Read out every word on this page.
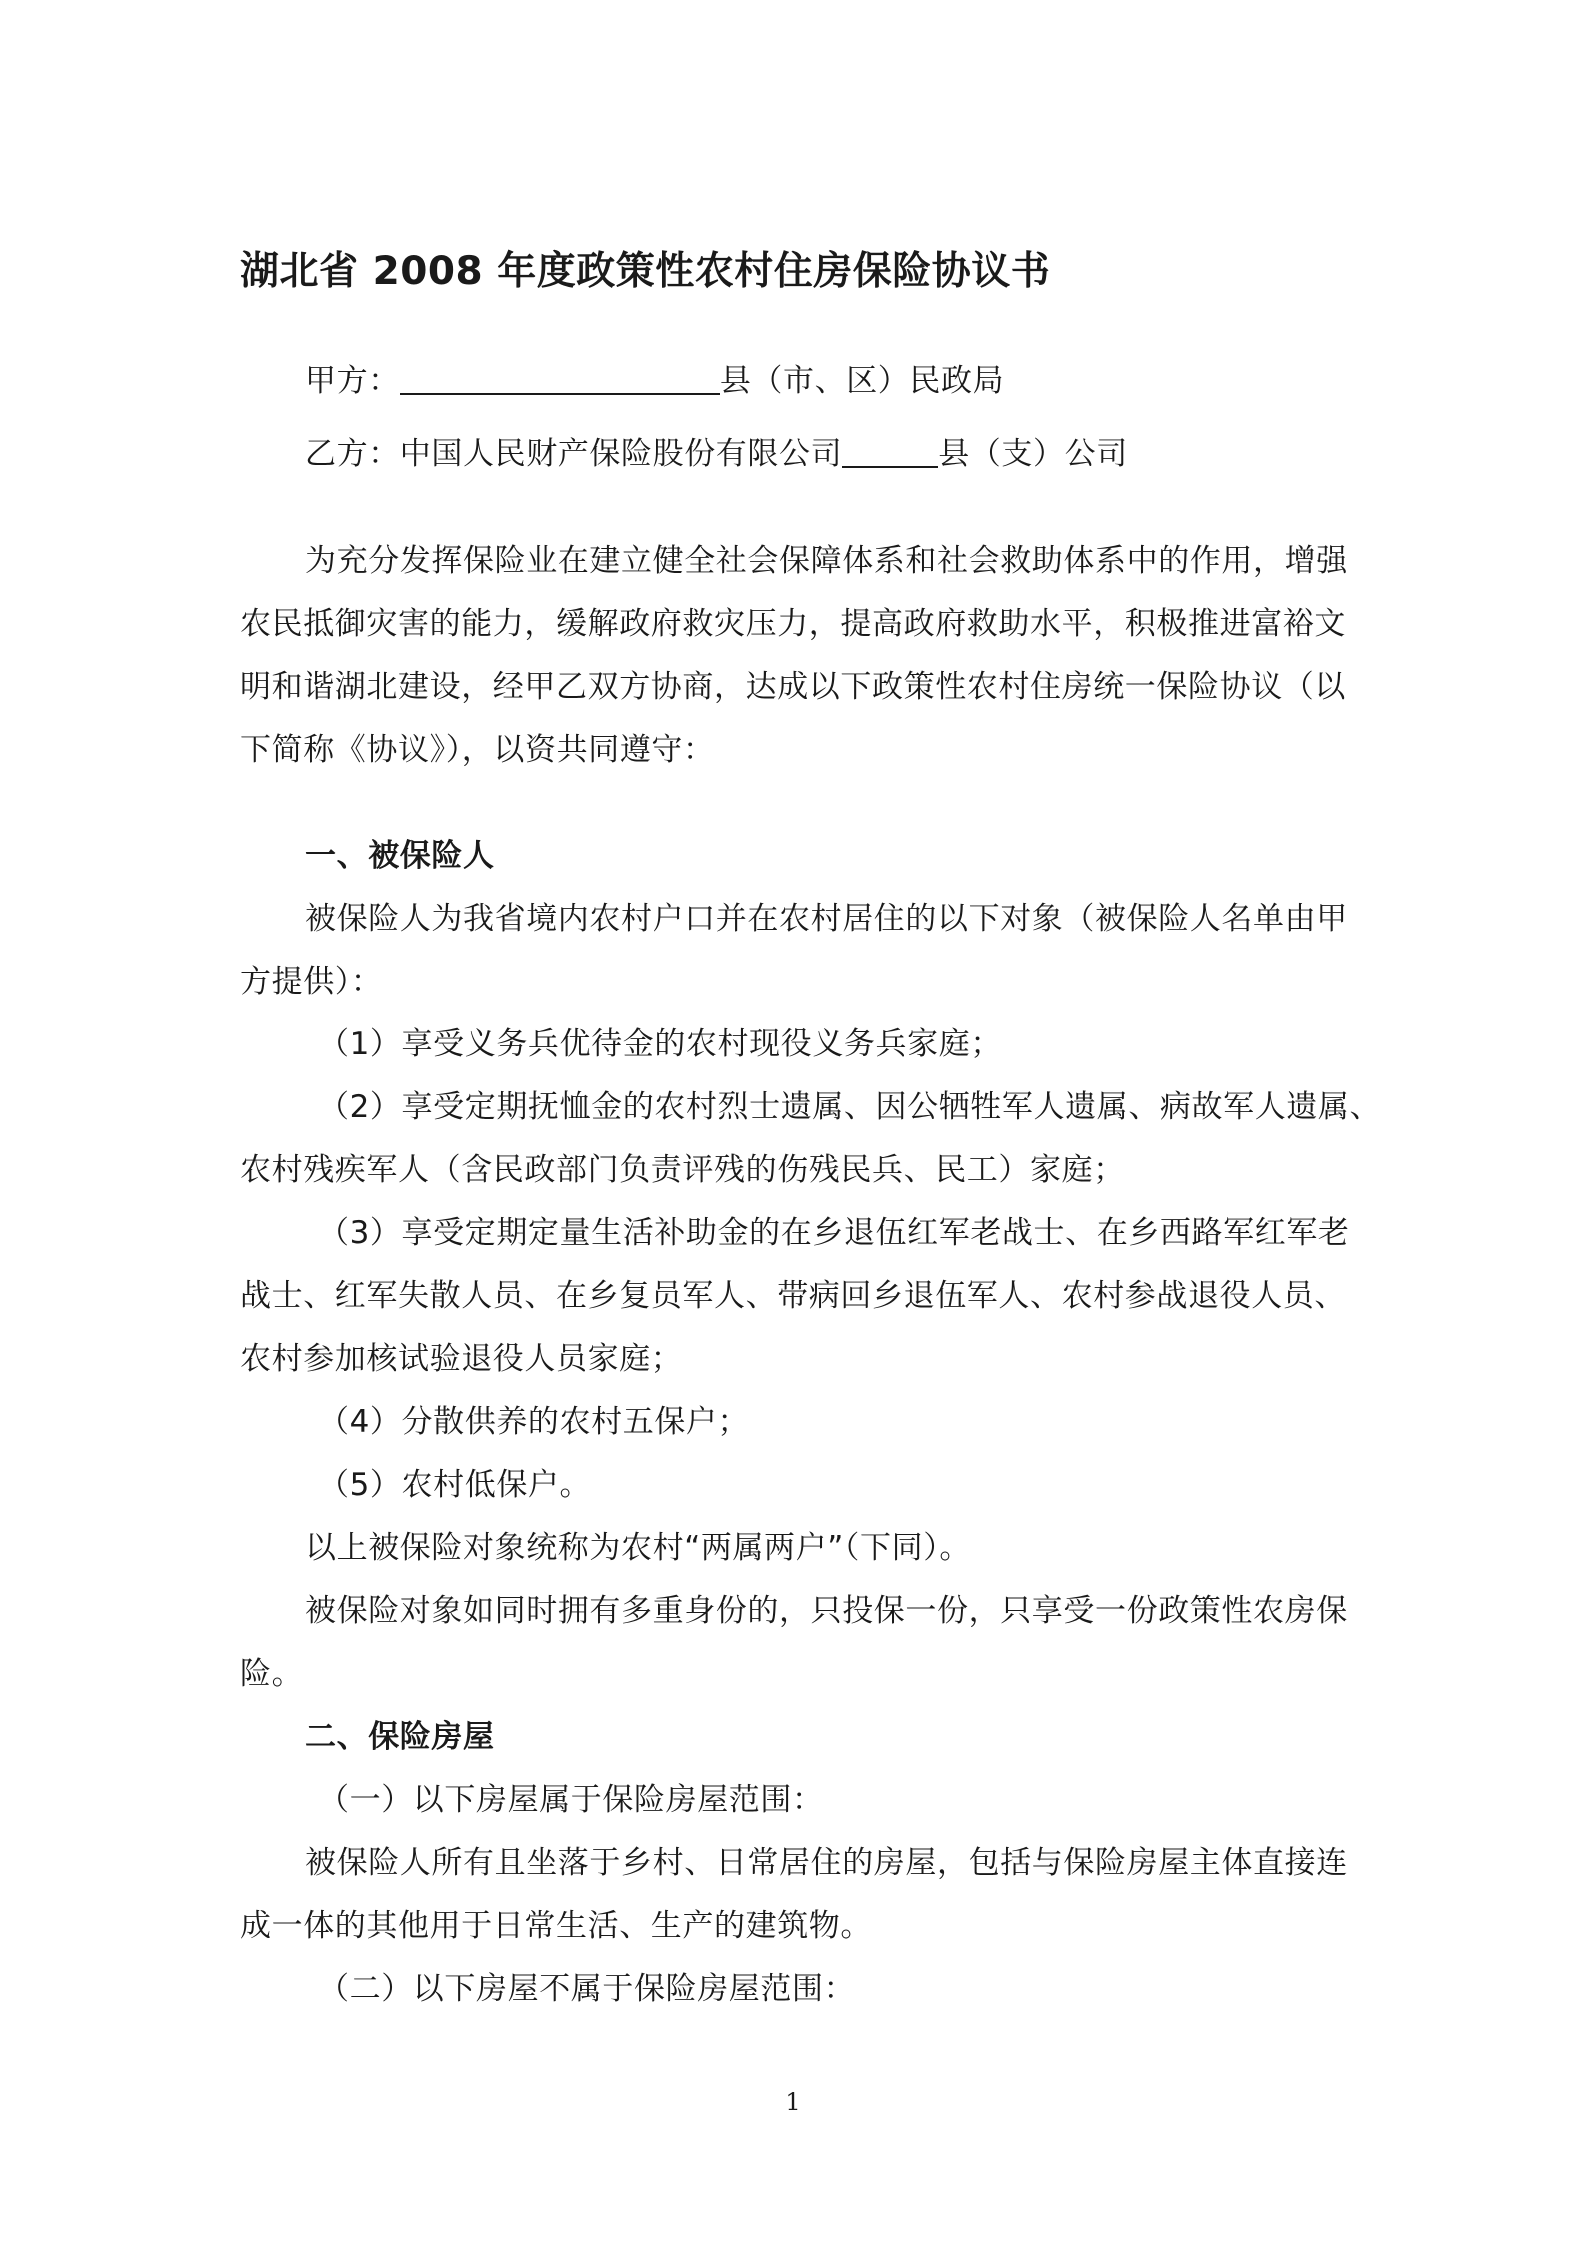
湖北省 2008 年度政策性农村住房保险协议书
甲方：	县（市、区）民政局
乙方：中国人民财产保险股份有限公司	县（支）公司
为充分发挥保险业在建立健全社会保障体系和社会救助体系中的作用，增强
农民抵御灾害的能力，缓解政府救灾压力，提高政府救助水平，积极推进富裕文
明和谐湖北建设，经甲乙双方协商，达成以下政策性农村住房统一保险协议（以
下简称《协议》），以资共同遵守：
一、被保险人
被保险人为我省境内农村户口并在农村居住的以下对象（被保险人名单由甲
方提供）：
（1）享受义务兵优待金的农村现役义务兵家庭；
（2）享受定期抚恤金的农村烈士遗属、因公牺牲军人遗属、病故军人遗属、
农村残疾军人（含民政部门负责评残的伤残民兵、民工）家庭；
（3）享受定期定量生活补助金的在乡退伍红军老战士、在乡西路军红军老
战士、红军失散人员、在乡复员军人、带病回乡退伍军人、农村参战退役人员、
农村参加核试验退役人员家庭；
（4）分散供养的农村五保户；
（5）农村低保户。
以上被保险对象统称为农村“两属两户”（下同）。
被保险对象如同时拥有多重身份的，只投保一份，只享受一份政策性农房保
险。
二、保险房屋
（一）以下房屋属于保险房屋范围：
被保险人所有且坐落于乡村、日常居住的房屋，包括与保险房屋主体直接连
成一体的其他用于日常生活、生产的建筑物。
（二）以下房屋不属于保险房屋范围：
1
